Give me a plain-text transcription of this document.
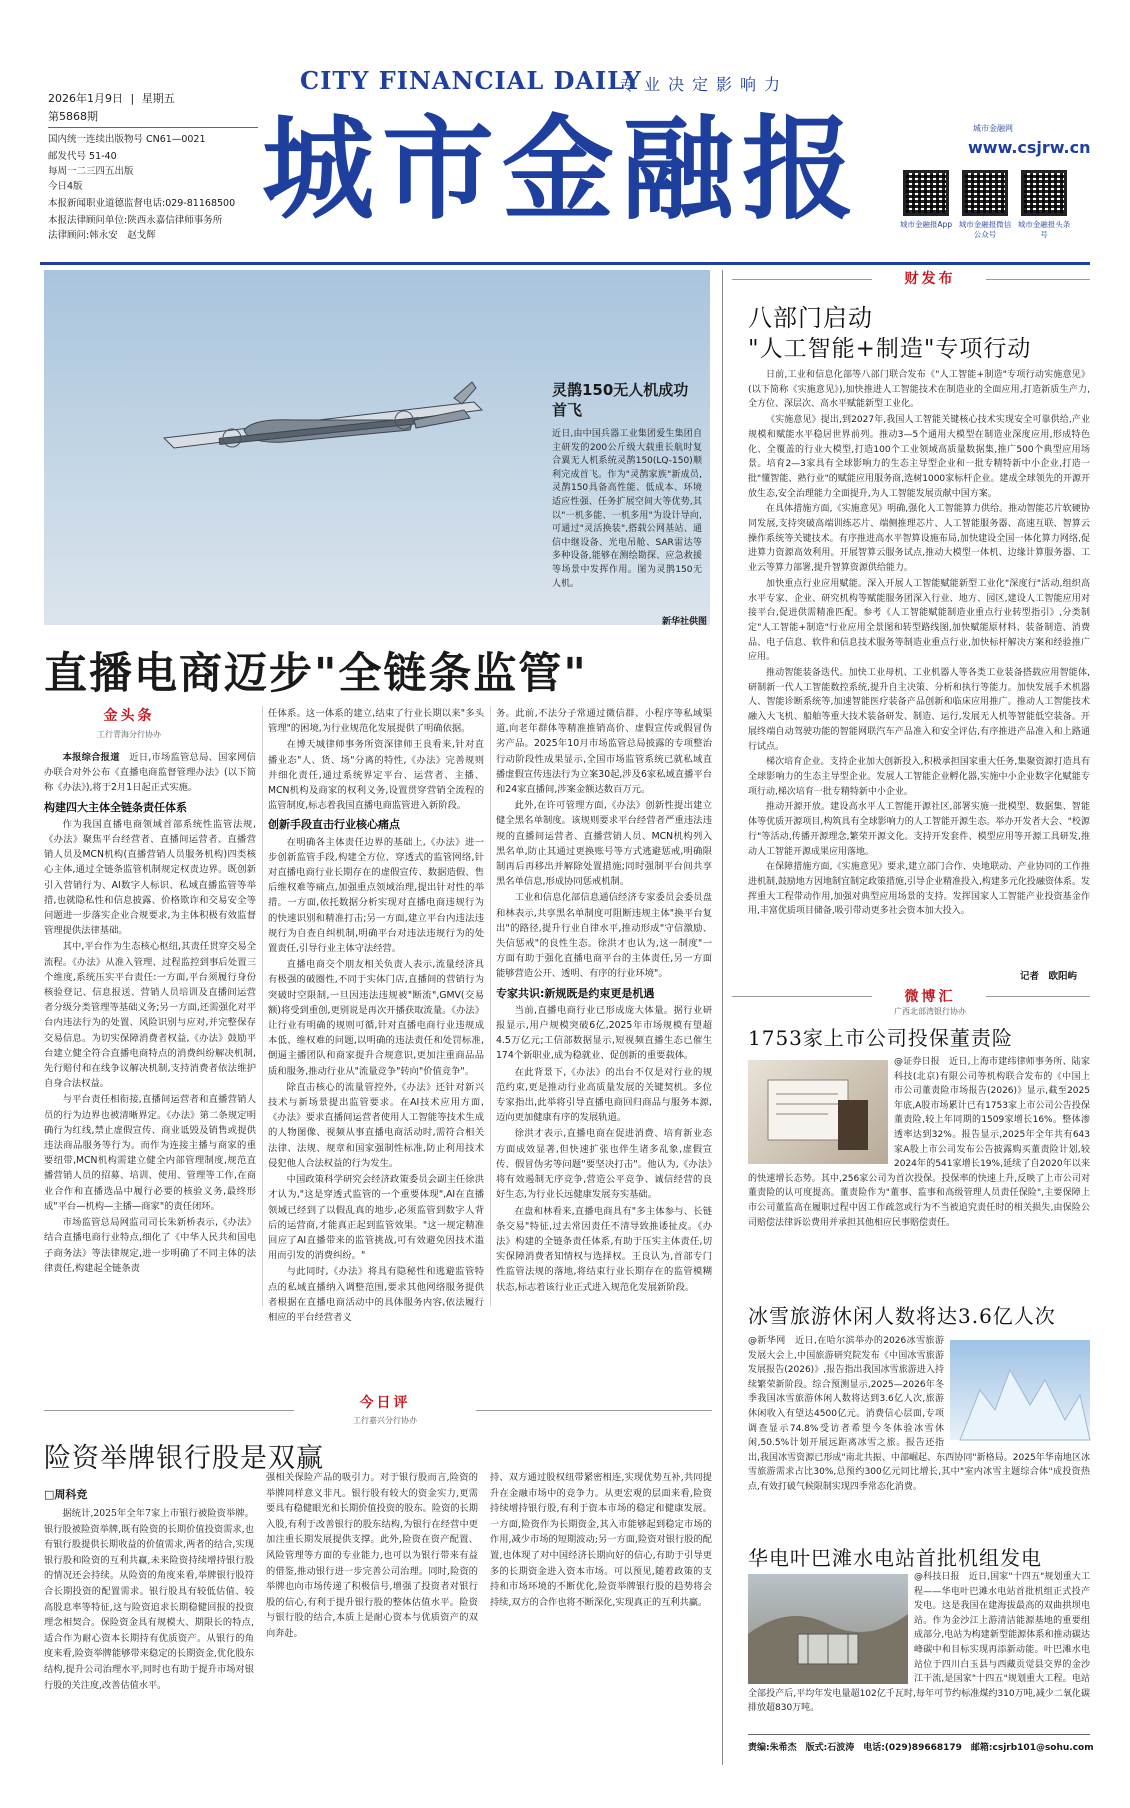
2026年1月9日 | 星期五
第5868期
国内统一连续出版物号 CN61—0021
邮发代号 51-40
每周一二三四五出版
今日4版
本报新闻职业道德监督电话:029-81168500
本报法律顾问单位:陕西永嘉信律师事务所
法律顾问:韩永安　赵戈辉
CITY FINANCIAL DAILY
专业决定影响力
城市金融报	城市金融网
www.csjrw.cn
城市金融报App 城市金融报微信公众号
城市金融报头条号
灵鹊150无人机成功首飞
近日,由中国兵器工业集团爱生集团自主研发的200公斤级大载重长航时复合翼无人机系统灵鹊150(LQ-150)顺利完成首飞。作为"灵鹊家族"新成员,灵鹊150具备高性能、低成本、环境适应性强、任务扩展空间大等优势,其以"一机多能、一机多用"为设计导向,可通过"灵活换装",搭载公网基站、通信中继设备、光电吊舱、SAR雷达等多种设备,能够在测绘勘探、应急救援等场景中发挥作用。图为灵鹊150无人机。
新华社供图
直播电商迈步"全链条监管"
金头条
工行青海分行协办

本报综合报道　 近日,市场监管总局、国家网信办联合对外公布《直播电商监督管理办法》(以下简称《办法》),将于2月1日起正式实施。

构建四大主体全链条责任体系

作为我国直播电商领域首部系统性监管法规,《办法》聚焦平台经营者、直播间运营者、直播营销人员及MCN机构(直播营销人员服务机构)四类核心主体,通过全链条监管机制规定权责边界。既创新引入营销行为、AI数字人标识、私域直播监管等举措,也就隐私性和信息披露、价格欺诈和交易安全等问题进一步落实企业合规要求,为主体积极有效监督管理提供法律基础。

其中,平台作为生态核心枢纽,其责任贯穿交易全流程。《办法》从准入管理、过程监控到事后处置三个维度,系统压实平台责任:一方面,平台须履行身份核验登记、信息报送、营销人员培训及直播间运营者分级分类管理等基础义务;另一方面,还需强化对平台内违法行为的处置、风险识别与应对,并完整保存交易信息。为切实保障消费者权益,《办法》鼓励平台建立健全符合直播电商特点的消费纠纷解决机制,先行赔付和在线争议解决机制,支持消费者依法维护自身合法权益。

与平台责任相衔接,直播间运营者和直播营销人员的行为边界也被清晰界定。《办法》第二条规定明确行为红线,禁止虚假宣传、商业诋毁及销售或提供违法商品服务等行为。而作为连接主播与商家的重要纽带,MCN机构需建立健全内部管理制度,规范直播营销人员的招募、培训、使用、管理等工作,在商业合作和直播选品中履行必要的核验义务,最终形成"平台—机构—主播—商家"的责任闭环。

市场监管总局网监司司长朱新桥表示,《办法》结合直播电商行业特点,细化了《中华人民共和国电子商务法》等法律规定,进一步明确了不同主体的法律责任,构建起全链条责

任体系。这一体系的建立,结束了行业长期以来"多头管理"的困境,为行业规范化发展提供了明确依据。

在博天城律师事务所资深律师王良看来,针对直播业态"人、货、场"分离的特性,《办法》完善规则并细化责任,通过系统界定平台、运营者、主播、MCN机构及商家的权利义务,设置贯穿营销全流程的监管制度,标志着我国直播电商监管进入新阶段。

创新手段直击行业核心痛点

在明确各主体责任边界的基础上,《办法》进一步创新监管手段,构建全方位、穿透式的监管网络,针对直播电商行业长期存在的虚假宣传、数据造假、售后维权难等痛点,加强重点领域治理,提出针对性的举措。一方面,依托数据分析实现对直播电商违规行为的快速识别和精准打击;另一方面,建立平台内违法违规行为自查自纠机制,明确平台对违法违规行为的处置责任,引导行业主体守法经营。

直播电商交个朋友相关负责人表示,流量经济具有极强的破圈性,不同于实体门店,直播间的营销行为突破时空限制,一旦因违法违规被"断流",GMV(交易额)将受到重创,更别说是再次开播获取流量。《办法》让行业有明确的规则可循,针对直播电商行业违规成本低、维权难的问题,以明确的违法责任和处罚标准,倒逼主播团队和商家提升合规意识,更加注重商品品质和服务,推动行业从"流量竞争"转向"价值竞争"。

除直击核心的流量管控外,《办法》还针对新兴技术与新场景提出监管要求。在AI技术应用方面,《办法》要求直播间运营者使用人工智能等技术生成的人物图像、视频从事直播电商活动时,需符合相关法律、法规、规章和国家强制性标准,防止利用技术侵犯他人合法权益的行为发生。

中国政策科学研究会经济政策委员会副主任徐洪才认为,"这是穿透式监管的一个重要体现",AI在直播领域已经到了以假乱真的地步,必须监管到数字人背后的运营商,才能真正起到监管效果。"这一规定精准回应了AI直播带来的监管挑战,可有效避免因技术滥用而引发的消费纠纷。"

与此同时,《办法》将具有隐秘性和逃避监管特点的私域直播纳入调整范围,要求其他网络服务提供者根据在直播电商活动中的具体服务内容,依法履行相应的平台经营者义

务。此前,不法分子常通过微信群、小程序等私域渠道,向老年群体等精准推销高价、虚假宣传或假冒伪劣产品。2025年10月市场监管总局披露的专项整治行动阶段性成果显示,全国市场监管系统已就私域直播虚假宣传违法行为立案30起,涉及6家私域直播平台和24家直播间,涉案金额达数百万元。

此外,在许可管理方面,《办法》创新性提出建立健全黑名单制度。该规则要求平台经营者严重违法违规的直播间运营者、直播营销人员、MCN机构列入黑名单,防止其通过更换账号等方式逃避惩戒,明确限制再后再移出并解除处置措施;同时强制平台间共享黑名单信息,形成协同惩戒机制。

工业和信息化部信息通信经济专家委员会委员盘和林表示,共享黑名单制度可阻断违规主体"换平台复出"的路径,提升行业自律水平,推动形成"守信激励、失信惩戒"的良性生态。徐洪才也认为,这一制度"一方面有助于强化直播电商平台的主体责任,另一方面能够营造公开、透明、有序的行业环境"。

专家共识:新规既是约束更是机遇

当前,直播电商行业已形成庞大体量。据行业研报显示,用户规模突破6亿,2025年市场规模有望超4.5万亿元;工信部数据显示,短视频直播生态已催生174个新职业,成为稳就业、促创新的重要载体。

在此背景下,《办法》的出台不仅是对行业的规范约束,更是推动行业高质量发展的关键契机。多位专家指出,此举将引导直播电商回归商品与服务本源,迈向更加健康有序的发展轨道。

徐洪才表示,直播电商在促进消费、培育新业态方面成效显著,但快速扩张也伴生诸多乱象,虚假宣传、假冒伪劣等问题"要坚决打击"。他认为,《办法》将有效遏制无序竞争,营造公平竞争、诚信经营的良好生态,为行业长远健康发展夯实基础。

在盘和林看来,直播电商具有"多主体参与、长链条交易"特征,过去常因责任不清导致推诿扯皮。《办法》构建的全链条责任体系,有助于压实主体责任,切实保障消费者知情权与选择权。王良认为,首部专门性监管法规的落地,将结束行业长期存在的监管模糊状态,标志着该行业正式进入规范化发展新阶段。

今日评
工行嘉兴分行协办
险资举牌银行股是双赢
□周科竞

据统计,2025年全年7家上市银行被险资举牌。银行股被险资举牌,既有险资的长期价值投资需求,也有银行股提供长期收益的价值需求,两者的结合,实现银行股和险资的互利共赢,未来险资持续增持银行股的情况还会持续。从险资的角度来看,举牌银行股符合长期投资的配置需求。银行股具有较低估值、较高股息率等特征,这与险资追求长期稳健回报的投资理念相契合。保险资金具有规模大、期限长的特点,适合作为耐心资本长期持有优质资产。从银行的角度来看,险资举牌能够带来稳定的长期资金,优化股东结构,提升公司治理水平,同时也有助于提升市场对银行股的关注度,改善估值水平。

强相关保险产品的吸引力。对于银行股而言,险资的举牌同样意义非凡。银行股有较大的资金实力,更需要具有稳健眼光和长期价值投资的股东。险资的长期入股,有利于改善银行的股东结构,为银行在经营中更加注重长期发展提供支撑。此外,险资在资产配置、风险管理等方面的专业能力,也可以为银行带来有益的借鉴,推动银行进一步完善公司治理。同时,险资的举牌也向市场传递了积极信号,增强了投资者对银行股的信心,有利于提升银行股的整体估值水平。险资与银行股的结合,本质上是耐心资本与优质资产的双向奔赴。

持、双方通过股权纽带紧密相连,实现优势互补,共同提升在金融市场中的竞争力。从更宏观的层面来看,险资持续增持银行股,有利于资本市场的稳定和健康发展。一方面,险资作为长期资金,其入市能够起到稳定市场的作用,减少市场的短期波动;另一方面,险资对银行股的配置,也体现了对中国经济长期向好的信心,有助于引导更多的长期资金进入资本市场。可以预见,随着政策的支持和市场环境的不断优化,险资举牌银行股的趋势将会持续,双方的合作也将不断深化,实现真正的互利共赢。

财发布
八部门启动
"人工智能+制造"专项行动

日前,工业和信息化部等八部门联合发布《"人工智能+制造"专项行动实施意见》(以下简称《实施意见》),加快推进人工智能技术在制造业的全面应用,打造新质生产力,全方位、深层次、高水平赋能新型工业化。

《实施意见》提出,到2027年,我国人工智能关键核心技术实现安全可靠供给,产业规模和赋能水平稳居世界前列。推动3—5个通用大模型在制造业深度应用,形成特色化、全覆盖的行业大模型,打造100个工业领域高质量数据集,推广500个典型应用场景。培育2—3家具有全球影响力的生态主导型企业和一批专精特新中小企业,打造一批"懂智能、熟行业"的赋能应用服务商,选树1000家标杆企业。建成全球领先的开源开放生态,安全治理能力全面提升,为人工智能发展贡献中国方案。

在具体措施方面,《实施意见》明确,强化人工智能算力供给。推动智能芯片软硬协同发展,支持突破高端训练芯片、端侧推理芯片、人工智能服务器、高速互联、智算云操作系统等关键技术。有序推进高水平智算设施布局,加快建设全国一体化算力网络,促进算力资源高效利用。开展智算云服务试点,推动大模型一体机、边缘计算服务器、工业云等算力部署,提升智算资源供给能力。

加快重点行业应用赋能。深入开展人工智能赋能新型工业化"深度行"活动,组织高水平专家、企业、研究机构等赋能服务团深入行业、地方、园区,建设人工智能应用对接平台,促进供需精准匹配。参考《人工智能赋能制造业重点行业转型指引》,分类制定"人工智能+制造"行业应用全景图和转型路线图,加快赋能原材料、装备制造、消费品、电子信息、软件和信息技术服务等制造业重点行业,加快标杆解决方案和经验推广应用。

推动智能装备迭代。加快工业母机、工业机器人等各类工业装备搭载应用智能体,研制新一代人工智能数控系统,提升自主决策、分析和执行等能力。加快发展手术机器人、智能诊断系统等,加速智能医疗装备产品创新和临床应用推广。推动人工智能技术融入大飞机、船舶等重大技术装备研发、制造、运行,发展无人机等智能低空装备。开展终端自动驾驶功能的智能网联汽车产品准入和安全评估,有序推进产品准入和上路通行试点。

梯次培育企业。支持企业加大创新投入,积极承担国家重大任务,集聚资源打造具有全球影响力的生态主导型企业。发展人工智能企业孵化器,实施中小企业数字化赋能专项行动,梯次培育一批专精特新中小企业。

推动开源开放。建设高水平人工智能开源社区,部署实施一批模型、数据集、智能体等优质开源项目,构筑具有全球影响力的人工智能开源生态。举办开发者大会、"校源行"等活动,传播开源理念,繁荣开源文化。支持开发套件、模型应用等开源工具研发,推动人工智能开源成果应用落地。

在保障措施方面,《实施意见》要求,建立部门合作、央地联动、产业协同的工作推进机制,鼓励地方因地制宜制定政策措施,引导企业精准投入,构建多元化投融资体系。发挥重大工程带动作用,加强对典型应用场景的支持。发挥国家人工智能产业投资基金作用,丰富优质项目储备,吸引带动更多社会资本加大投入。

记者　欧阳屿
微博汇
广西北部湾银行协办
1753家上市公司投保董责险

@证券日报　近日,上海市建纬律师事务所、陆家科技(北京)有限公司等机构联合发布的《中国上市公司董责险市场报告(2026)》显示,截至2025年底,A股市场累计已有1753家上市公司公告投保董责险,较上年同期的1509家增长16%。整体渗透率达到32%。报告显示,2025年全年共有643家A股上市公司发布公告披露购买董责险计划,较2024年的541家增长19%,延续了自2020年以来的快速增长态势。其中,256家公司为首次投保。投保率的快速上升,反映了上市公司对董责险的认可度提高。董责险作为"董事、监事和高级管理人员责任保险",主要保障上市公司董监高在履职过程中因工作疏忽或行为不当被追究责任时的相关损失,由保险公司赔偿法律诉讼费用并承担其他相应民事赔偿责任。

冰雪旅游休闲人数将达3.6亿人次

@新华网　近日,在哈尔滨举办的2026冰雪旅游发展大会上,中国旅游研究院发布《中国冰雪旅游发展报告(2026)》,报告指出我国冰雪旅游进入持续繁荣新阶段。综合预测显示,2025—2026年冬季我国冰雪旅游休闲人数将达到3.6亿人次,旅游休闲收入有望达4500亿元。消费信心层面,专项调查显示74.8%受访者希望今冬体验冰雪休闲,50.5%计划开展远距离冰雪之旅。报告还指出,我国冰雪资源已形成"南北共振、中部崛起、东西协同"新格局。2025年华南地区冰雪旅游需求占比30%,总预约300亿元同比增长,其中"室内冰雪主题综合体"成投资热点,有效打破气候限制实现四季常态化消费。

华电叶巴滩水电站首批机组发电

@科技日报　近日,国家"十四五"规划重大工程——华电叶巴滩水电站首批机组正式投产发电。这是我国在建海拔最高的双曲拱坝电站。作为金沙江上游清洁能源基地的重要组成部分,电站为构建新型能源体系和推动碳达峰碳中和目标实现再添新动能。叶巴滩水电站位于四川白玉县与西藏贡觉县交界的金沙江干流,是国家"十四五"规划重大工程。电站全部投产后,平均年发电量超102亿千瓦时,每年可节约标准煤约310万吨,减少二氧化碳排放超830万吨。

责编:朱希杰　版式:石波涛　电话:(029)89668179　邮箱:csjrb101@sohu.com
